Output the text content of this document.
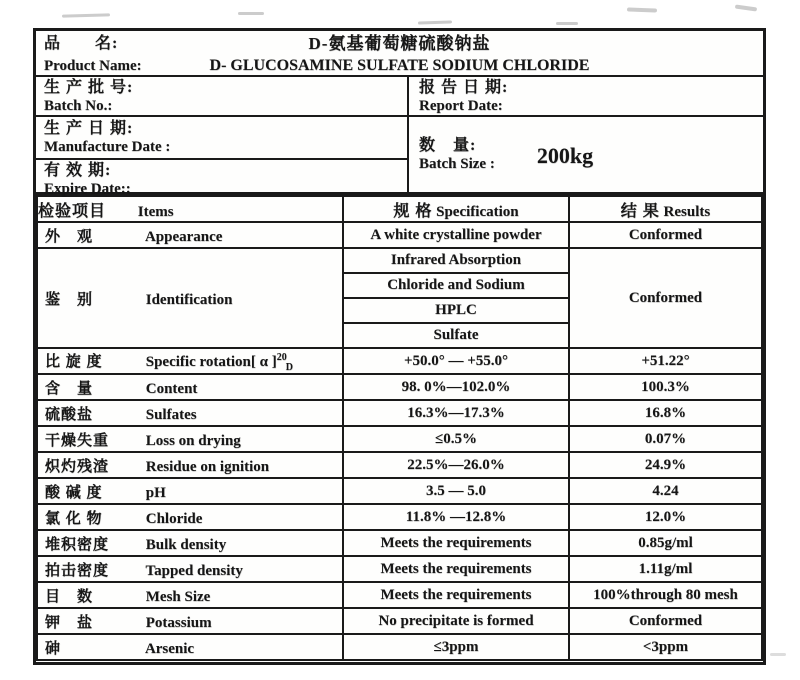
品　　名:	D-氨基葡萄糖硫酸钠盐
Product Name:	D- GLUCOSAMINE SULFATE SODIUM CHLORIDE
生 产 批 号:
Batch No.:
报 告 日 期:
Report Date:
生 产 日 期:
Manufacture Date :
有 效 期:
Expire Date::
数　量:
Batch Size : 200kg
检验项目 Items	规 格 Specification	结 果 Results
外　观 Appearance	A white crystalline powder	Conformed
鉴　别 Identification	Infrared Absorption	Conformed
	Chloride and Sodium	
	HPLC	
	Sulfate	
比 旋 度 Specific rotation[ α ]$^{20}_D$	+50.0° — +55.0°	+51.22°
含　量 Content	98. 0%—102.0%	100.3%
硫酸盐 Sulfates	16.3%—17.3%	16.8%
干燥失重 Loss on drying	≤0.5%	0.07%
炽灼残渣 Residue on ignition	22.5%—26.0%	24.9%
酸 碱 度 pH	3.5 — 5.0	4.24
氯 化 物 Chloride	11.8% —12.8%	12.0%
堆积密度 Bulk density	Meets the requirements	0.85g/ml
拍击密度 Tapped density	Meets the requirements	1.11g/ml
目　数 Mesh Size	Meets the requirements	100%through 80 mesh
钾　盐 Potassium	No precipitate is formed	Conformed
砷 Arsenic	≤3ppm	<3ppm
